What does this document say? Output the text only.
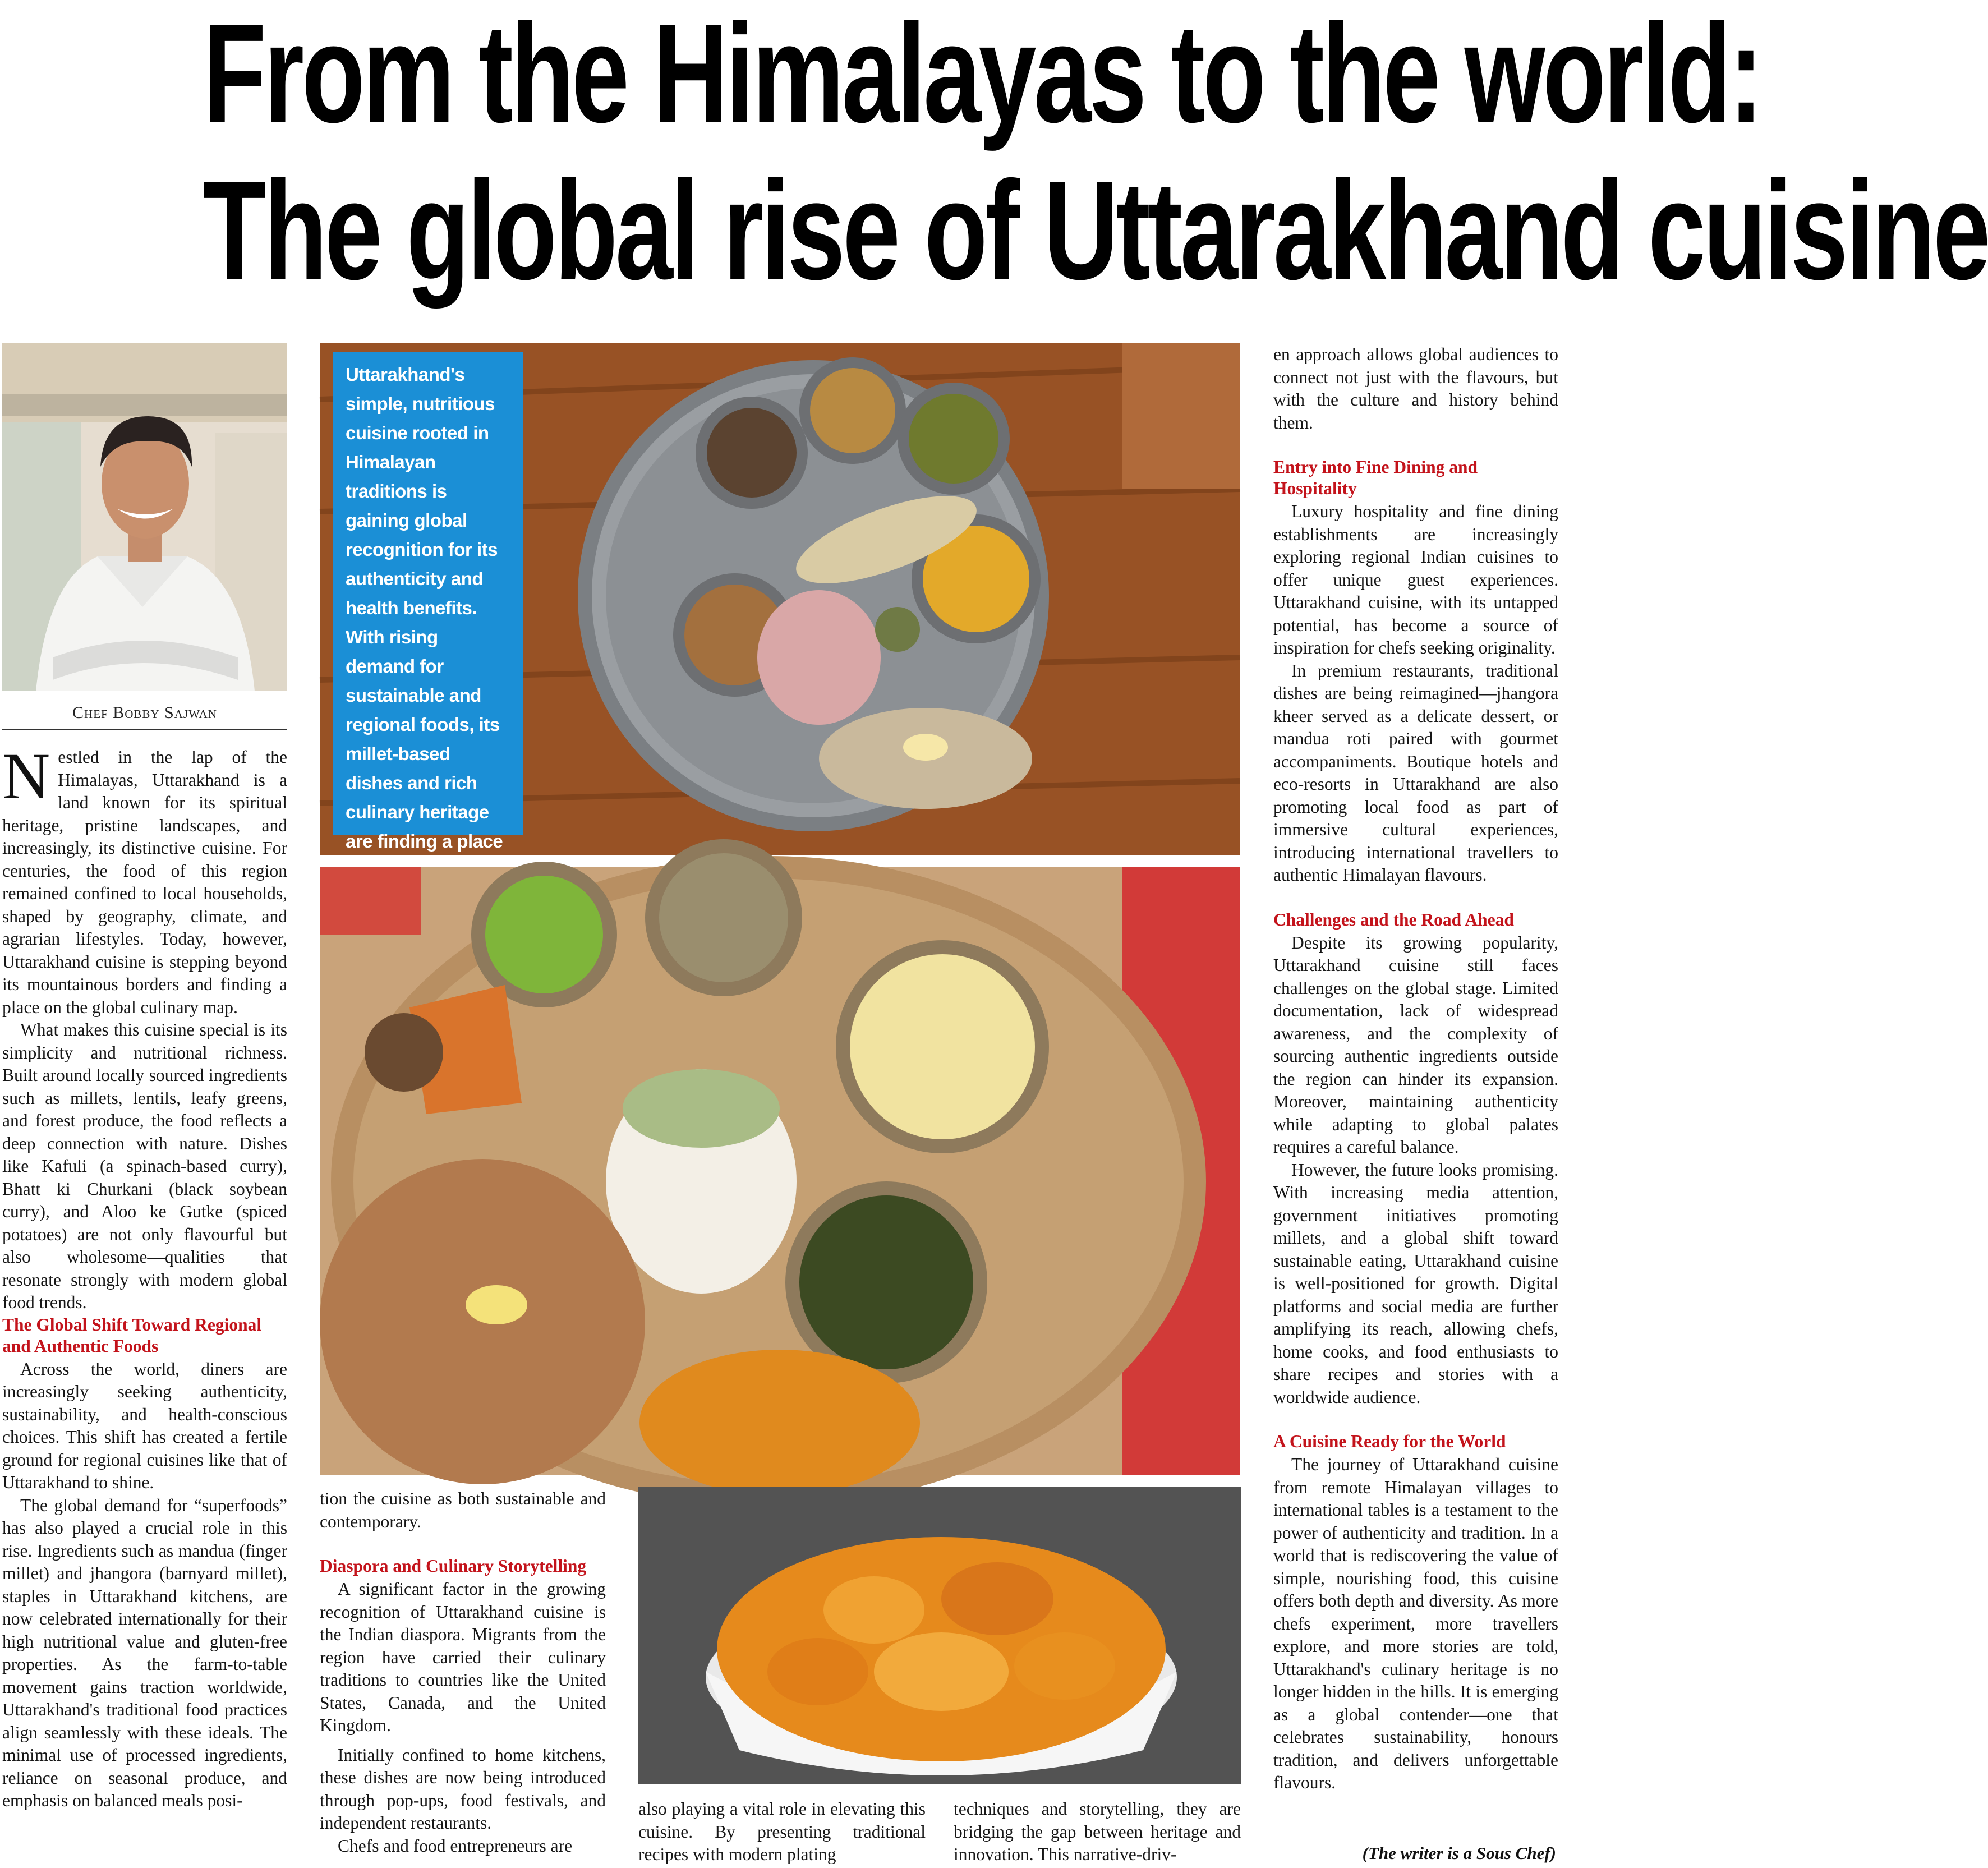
From the Himalayas to the world:
The global rise of Uttarakhand cuisine
Chef Bobby Sajwan
Uttarakhand's simple, nutritious cuisine rooted in Himalayan traditions is gaining global recognition for its authenticity and health benefits. With rising demand for sustainable and regional foods, its millet-based dishes and rich culinary heritage are finding a place

Nestled in the lap of the Himalayas, Uttarakhand is a land known for its spiritual heritage, pristine landscapes, and increasingly, its distinctive cuisine. For centuries, the food of this region remained confined to local households, shaped by geography, climate, and agrarian lifestyles. Today, however, Uttarakhand cuisine is stepping beyond its mountainous borders and finding a place on the global culinary map.

What makes this cuisine special is its simplicity and nutritional richness. Built around locally sourced ingredients such as millets, lentils, leafy greens, and forest produce, the food reflects a deep connection with nature. Dishes like Kafuli (a spinach-based curry), Bhatt ki Churkani (black soybean curry), and Aloo ke Gutke (spiced potatoes) are not only flavourful but also wholesome—qualities that resonate strongly with modern global food trends.

The Global Shift Toward Regional and Authentic Foods

Across the world, diners are increasingly seeking authenticity, sustainability, and health-conscious choices. This shift has created a fertile ground for regional cuisines like that of Uttarakhand to shine.

The global demand for “superfoods” has also played a crucial role in this rise. Ingredients such as mandua (finger millet) and jhangora (barnyard millet), staples in Uttarakhand kitchens, are now celebrated internationally for their high nutritional value and gluten-free properties. As the farm-to-table movement gains traction worldwide, Uttarakhand's traditional food practices align seamlessly with these ideals. The minimal use of processed ingredients, reliance on seasonal produce, and emphasis on balanced meals posi-

tion the cuisine as both sustainable and contemporary.

Diaspora and Culinary Storytelling

A significant factor in the growing recognition of Uttarakhand cuisine is the Indian diaspora. Migrants from the region have carried their culinary traditions to countries like the United States, Canada, and the United Kingdom.

Initially confined to home kitchens, these dishes are now being introduced through pop-ups, food festivals, and independent restaurants.

Chefs and food entrepreneurs are

also playing a vital role in elevating this cuisine. By presenting traditional recipes with modern plating

techniques and storytelling, they are bridging the gap between heritage and innovation. This narrative-driv-

en approach allows global audiences to connect not just with the flavours, but with the culture and history behind them.

Entry into Fine Dining and Hospitality

Luxury hospitality and fine dining establishments are increasingly exploring regional Indian cuisines to offer unique guest experiences. Uttarakhand cuisine, with its untapped potential, has become a source of inspiration for chefs seeking originality.

In premium restaurants, traditional dishes are being reimagined—jhangora kheer served as a delicate dessert, or mandua roti paired with gourmet accompaniments. Boutique hotels and eco-resorts in Uttarakhand are also promoting local food as part of immersive cultural experiences, introducing international travellers to authentic Himalayan flavours.

Challenges and the Road Ahead

Despite its growing popularity, Uttarakhand cuisine still faces challenges on the global stage. Limited documentation, lack of widespread awareness, and the complexity of sourcing authentic ingredients outside the region can hinder its expansion. Moreover, maintaining authenticity while adapting to global palates requires a careful balance.

However, the future looks promising. With increasing media attention, government initiatives promoting millets, and a global shift toward sustainable eating, Uttarakhand cuisine is well-positioned for growth. Digital platforms and social media are further amplifying its reach, allowing chefs, home cooks, and food enthusiasts to share recipes and stories with a worldwide audience.

A Cuisine Ready for the World

The journey of Uttarakhand cuisine from remote Himalayan villages to international tables is a testament to the power of authenticity and tradition. In a world that is rediscovering the value of simple, nourishing food, this cuisine offers both depth and diversity. As more chefs experiment, more travellers explore, and more stories are told, Uttarakhand's culinary heritage is no longer hidden in the hills. It is emerging as a global contender—one that celebrates sustainability, honours tradition, and delivers unforgettable flavours.

(The writer is a Sous Chef)
